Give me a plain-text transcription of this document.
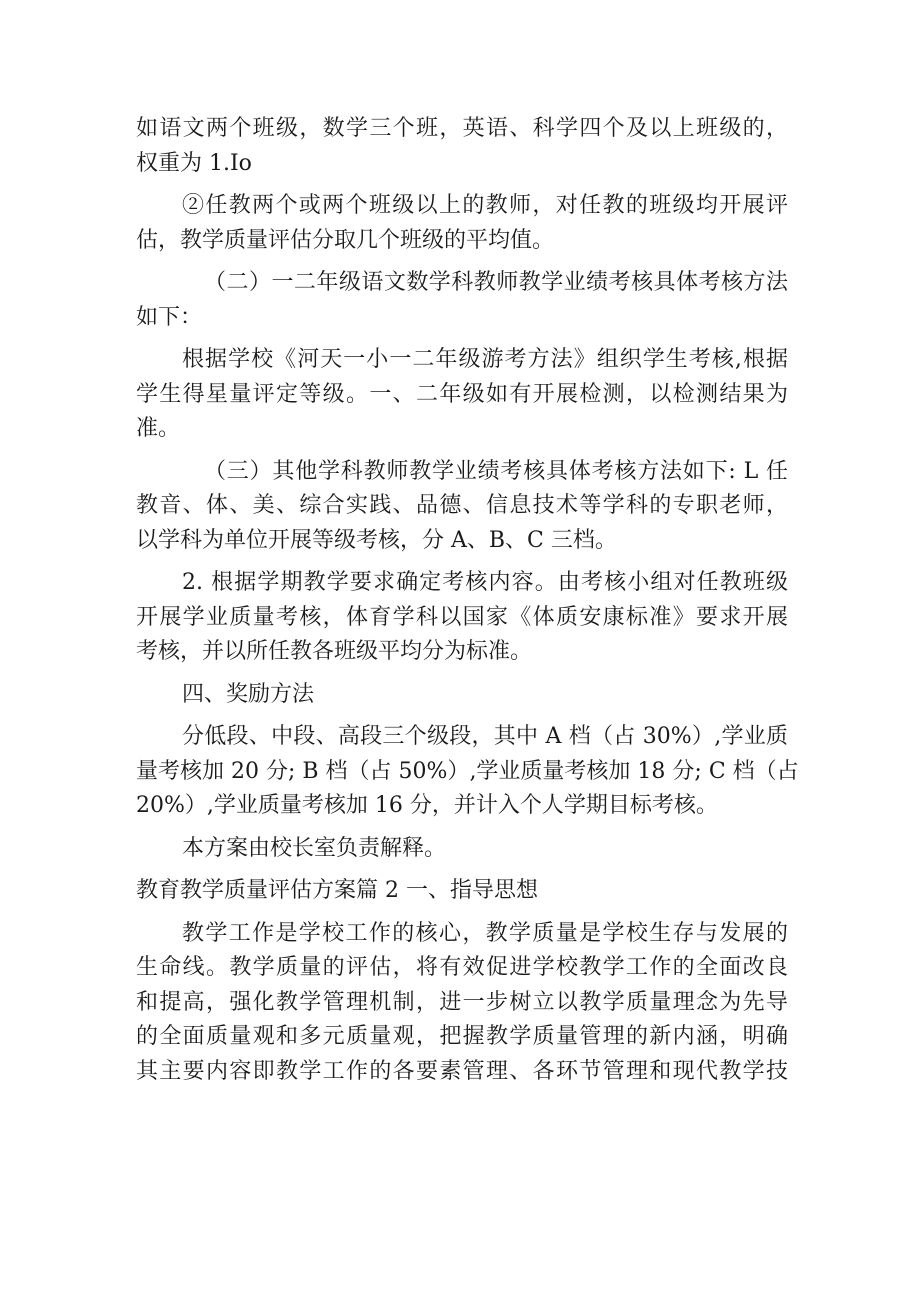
如语文两个班级，数学三个班，英语、科学四个及以上班级的，
权重为 1.Io
②任教两个或两个班级以上的教师，对任教的班级均开展评
估，教学质量评估分取几个班级的平均值。
（二）一二年级语文数学科教师教学业绩考核具体考核方法
如下：
根据学校《河天一小一二年级游考方法》组织学生考核,根据
学生得星量评定等级。一、二年级如有开展检测，以检测结果为
准。
（三）其他学科教师教学业绩考核具体考核方法如下: L 任
教音、体、美、综合实践、品德、信息技术等学科的专职老师，
以学科为单位开展等级考核，分 A、B、C 三档。
2. 根据学期教学要求确定考核内容。由考核小组对任教班级
开展学业质量考核，体育学科以国家《体质安康标准》要求开展
考核，并以所任教各班级平均分为标准。
四、奖励方法
分低段、中段、高段三个级段，其中 A 档（占 30%）,学业质
量考核加 20 分; B 档（占 50%）,学业质量考核加 18 分; C 档（占
20%）,学业质量考核加 16 分，并计入个人学期目标考核。
本方案由校长室负责解释。
教育教学质量评估方案篇 2 一、指导思想
教学工作是学校工作的核心，教学质量是学校生存与发展的
生命线。教学质量的评估，将有效促进学校教学工作的全面改良
和提高，强化教学管理机制，进一步树立以教学质量理念为先导
的全面质量观和多元质量观，把握教学质量管理的新内涵，明确
其主要内容即教学工作的各要素管理、各环节管理和现代教学技
